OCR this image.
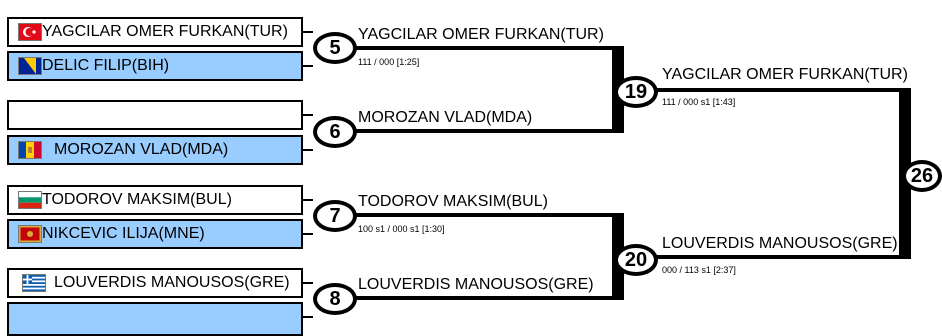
YAGCILAR OMER FURKAN(TUR)
DELIC FILIP(BIH)
MOROZAN VLAD(MDA)
TODOROV MAKSIM(BUL)
NIKCEVIC ILIJA(MNE)
LOUVERDIS MANOUSOS(GRE)
5
6
7
8
YAGCILAR OMER FURKAN(TUR)
111 / 000 [1:25]
MOROZAN VLAD(MDA)
TODOROV MAKSIM(BUL)
100 s1 / 000 s1 [1:30]
LOUVERDIS MANOUSOS(GRE)
19
20
YAGCILAR OMER FURKAN(TUR)
111 / 000 s1 [1:43]
LOUVERDIS MANOUSOS(GRE)
000 / 113 s1 [2:37]
26
